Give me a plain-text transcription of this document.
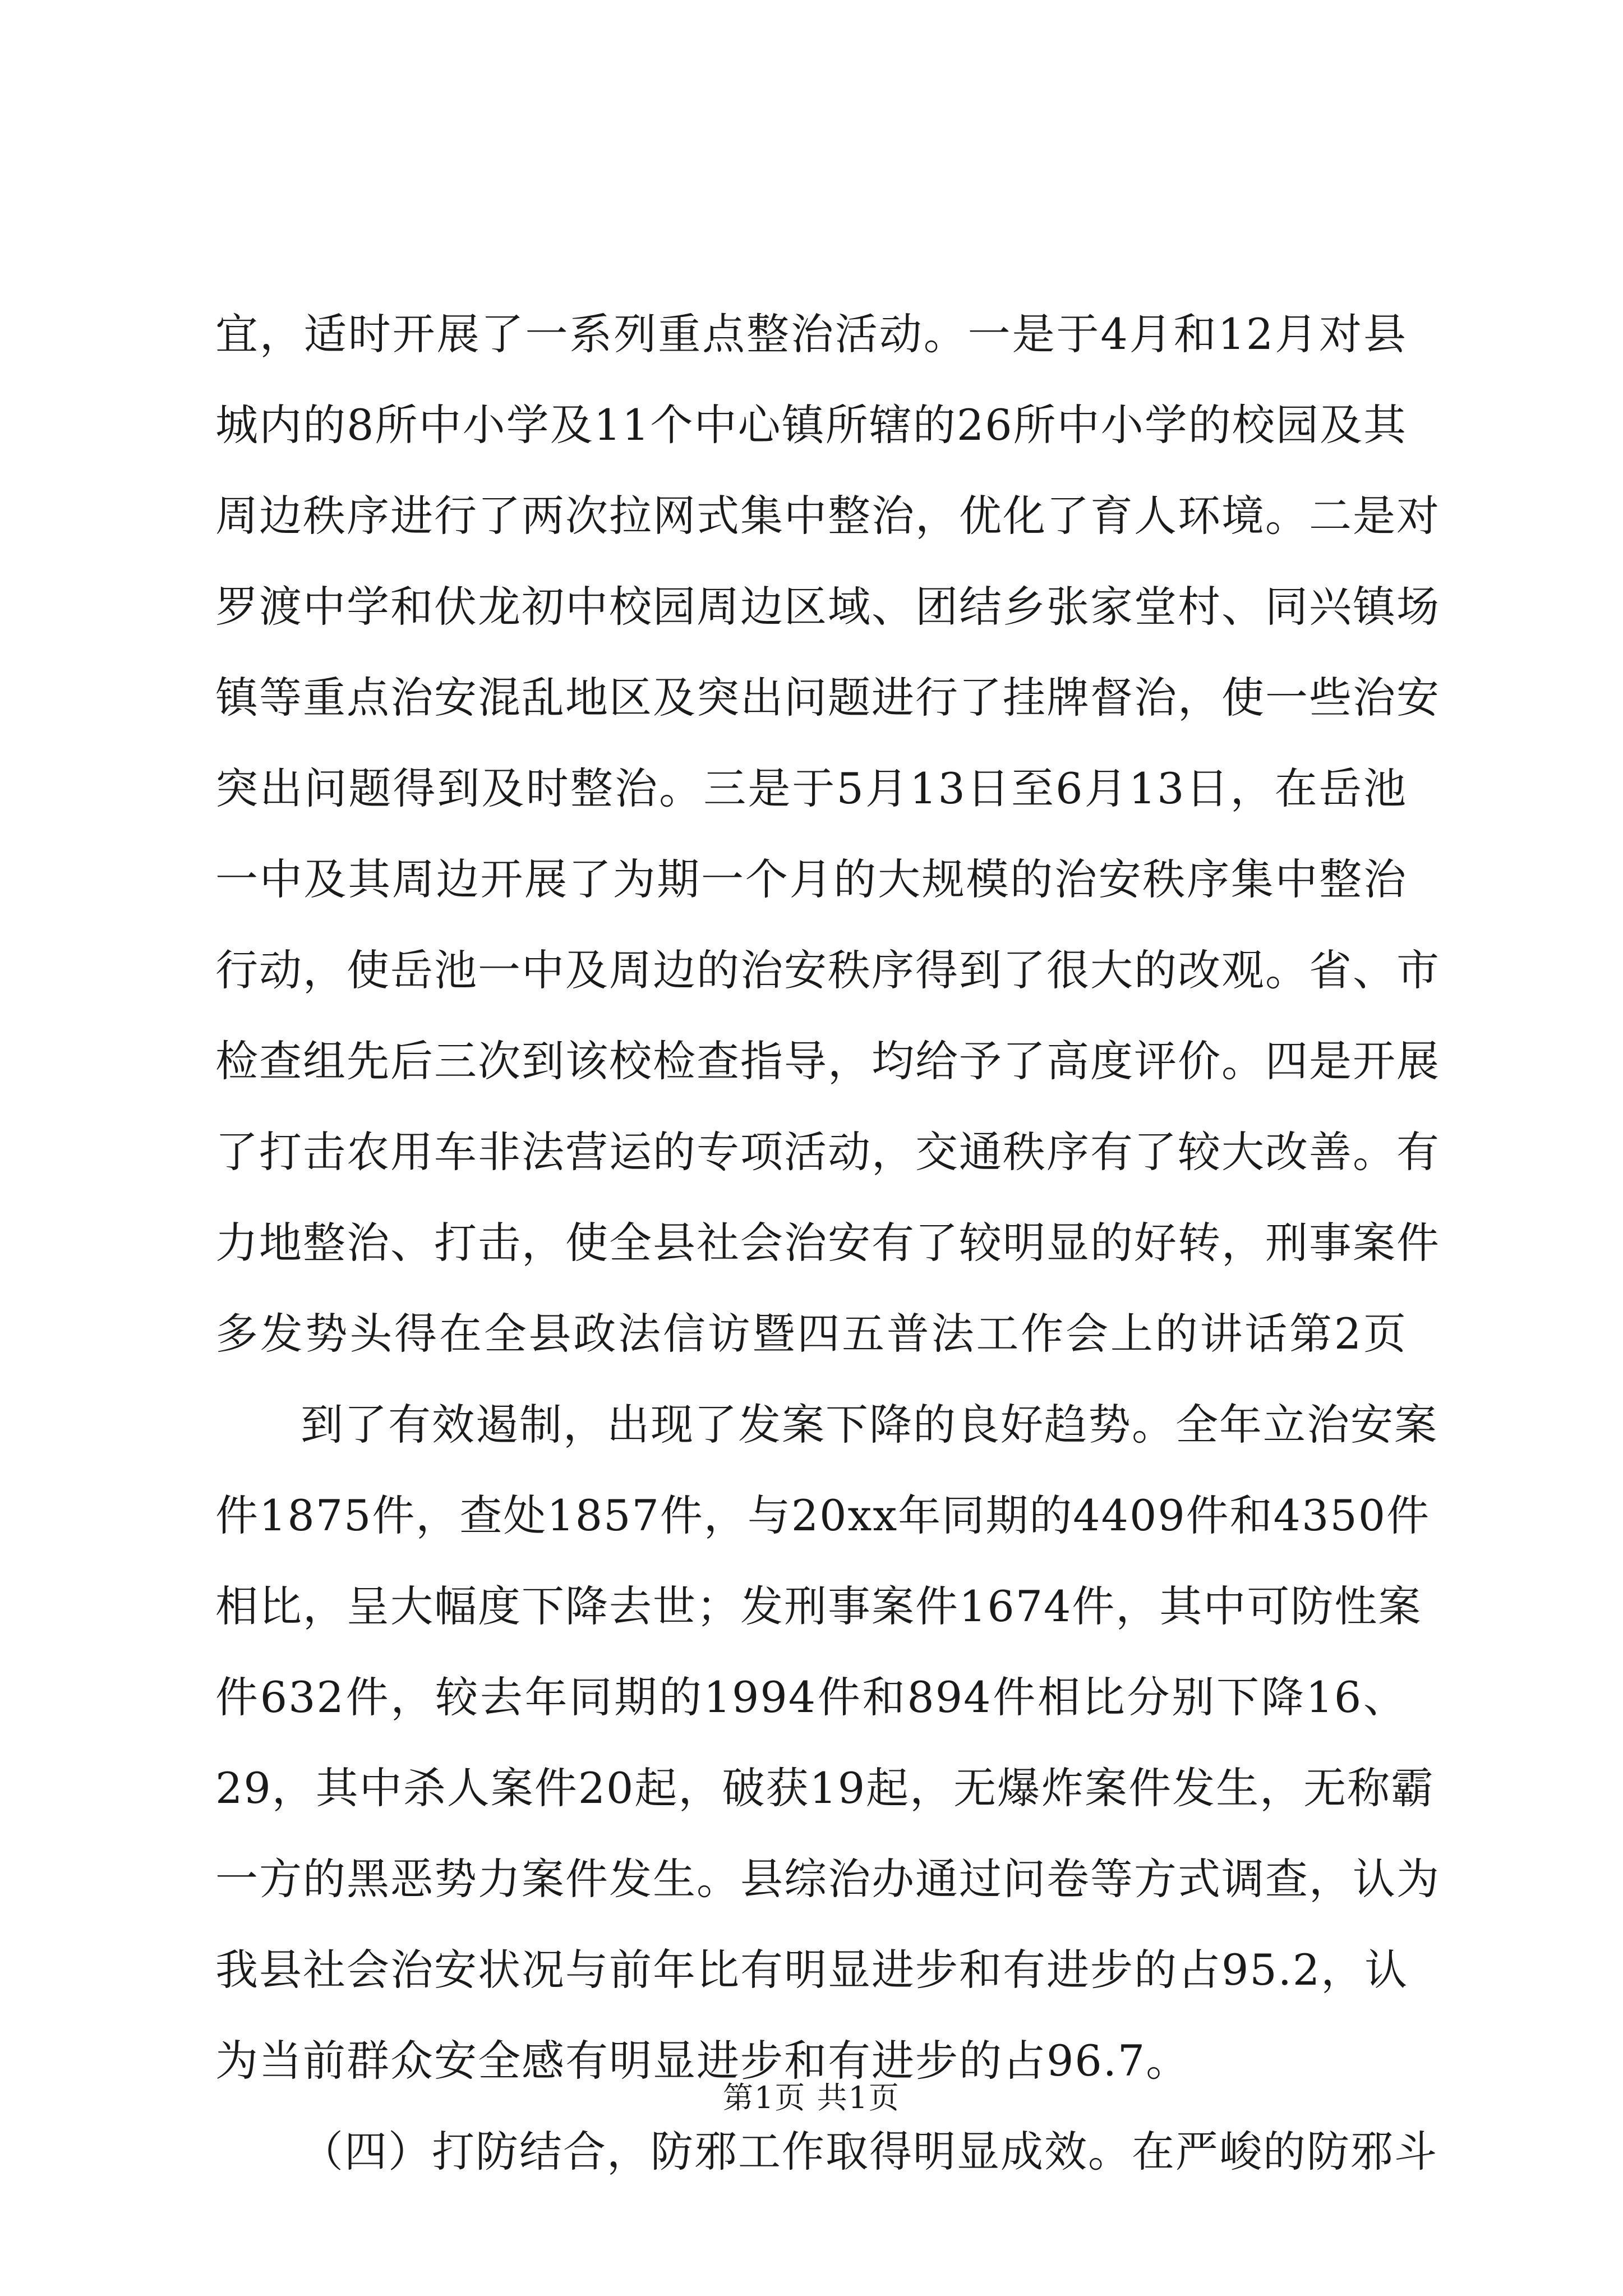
宜，适时开展了一系列重点整治活动。一是于4月和12月对县
城内的8所中小学及11个中心镇所辖的26所中小学的校园及其
周边秩序进行了两次拉网式集中整治，优化了育人环境。二是对
罗渡中学和伏龙初中校园周边区域、团结乡张家堂村、同兴镇场
镇等重点治安混乱地区及突出问题进行了挂牌督治，使一些治安
突出问题得到及时整治。三是于5月13日至6月13日，在岳池
一中及其周边开展了为期一个月的大规模的治安秩序集中整治
行动，使岳池一中及周边的治安秩序得到了很大的改观。省、市
检查组先后三次到该校检查指导，均给予了高度评价。四是开展
了打击农用车非法营运的专项活动，交通秩序有了较大改善。有
力地整治、打击，使全县社会治安有了较明显的好转，刑事案件
多发势头得在全县政法信访暨四五普法工作会上的讲话第2页
到了有效遏制，出现了发案下降的良好趋势。全年立治安案
件1875件，查处1857件，与20xx年同期的4409件和4350件
相比，呈大幅度下降去世；发刑事案件1674件，其中可防性案
件632件，较去年同期的1994件和894件相比分别下降16、
29，其中杀人案件20起，破获19起，无爆炸案件发生，无称霸
一方的黑恶势力案件发生。县综治办通过问卷等方式调查，认为
我县社会治安状况与前年比有明显进步和有进步的占95.2，认
为当前群众安全感有明显进步和有进步的占96.7。
（四）打防结合，防邪工作取得明显成效。在严峻的防邪斗
第1页 共1页
